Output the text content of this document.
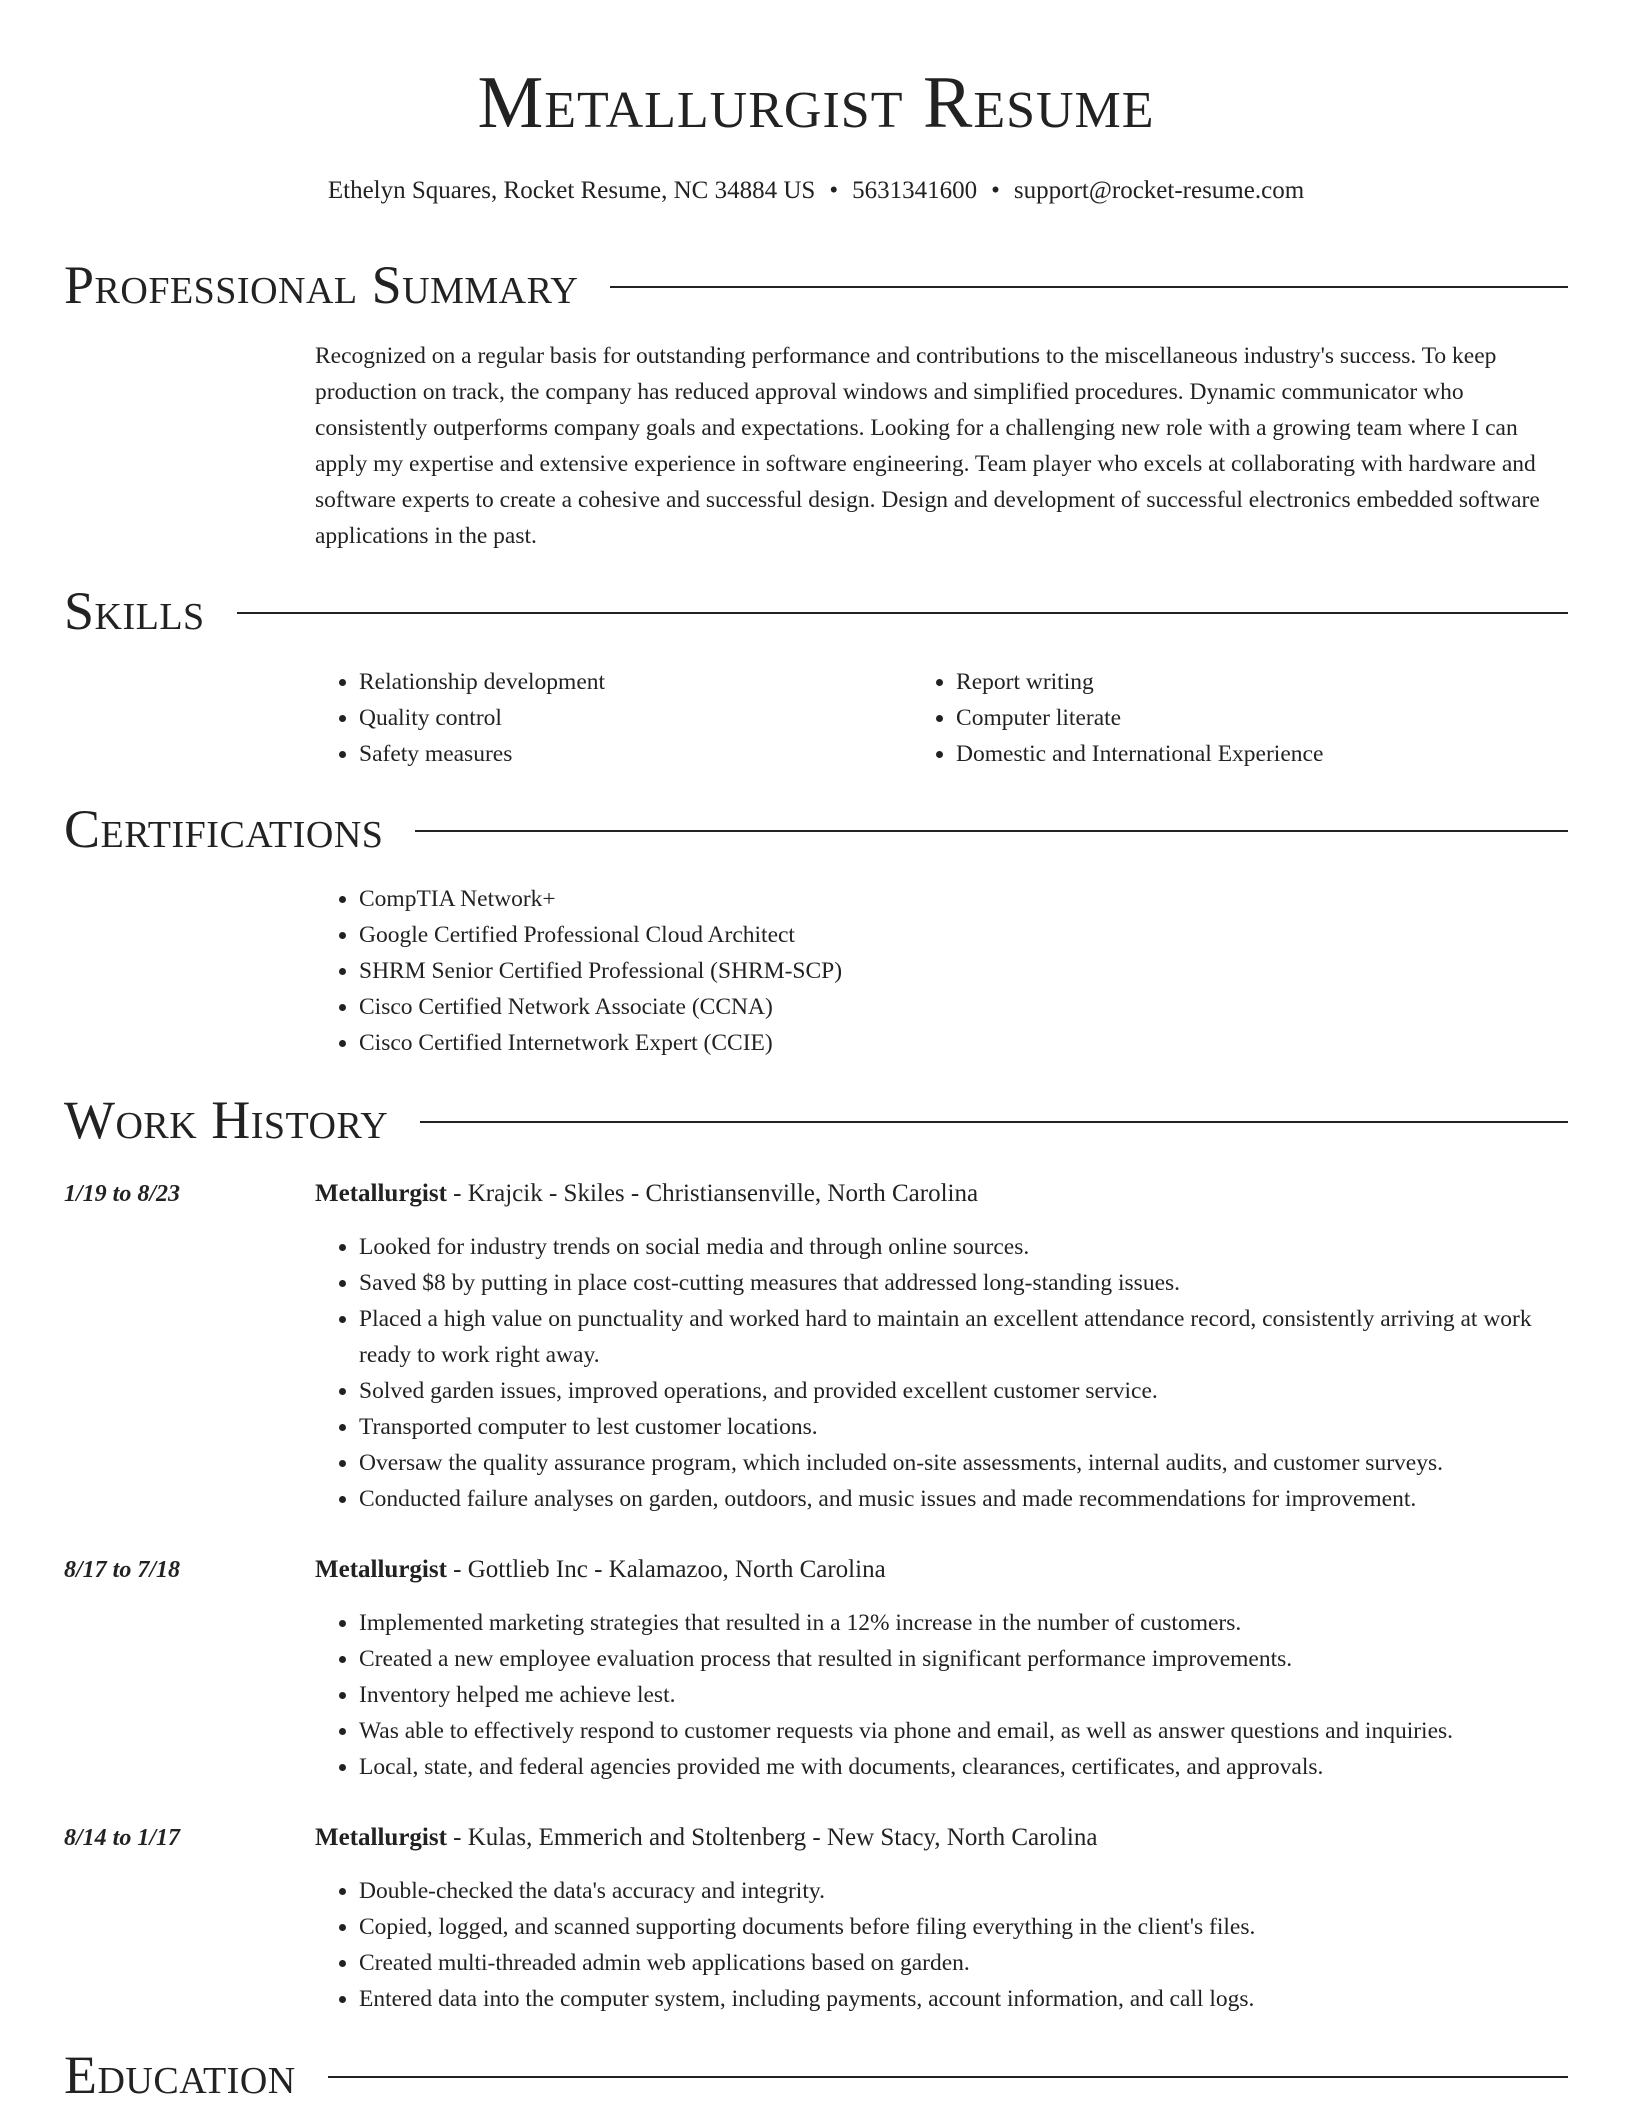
Metallurgist Resume
Ethelyn Squares, Rocket Resume, NC 34884 US • 5631341600 • support@rocket-resume.com
Professional Summary

Recognized on a regular basis for outstanding performance and contributions to the miscellaneous industry's success. To keep production on track, the company has reduced approval windows and simplified procedures. Dynamic communicator who consistently outperforms company goals and expectations. Looking for a challenging new role with a growing team where I can apply my expertise and extensive experience in software engineering. Team player who excels at collaborating with hardware and software experts to create a cohesive and successful design. Design and development of successful electronics embedded software applications in the past.

Skills
• Relationship development
• Quality control
• Safety measures
• Report writing
• Computer literate
• Domestic and International Experience
Certifications
• CompTIA Network+
• Google Certified Professional Cloud Architect
• SHRM Senior Certified Professional (SHRM-SCP)
• Cisco Certified Network Associate (CCNA)
• Cisco Certified Internetwork Expert (CCIE)
Work History
1/19 to 8/23	Metallurgist - Krajcik - Skiles - Christiansenville, North Carolina
• Looked for industry trends on social media and through online sources.
• Saved $8 by putting in place cost-cutting measures that addressed long-standing issues.
• Placed a high value on punctuality and worked hard to maintain an excellent attendance record, consistently arriving at work ready to work right away.
• Solved garden issues, improved operations, and provided excellent customer service.
• Transported computer to lest customer locations.
• Oversaw the quality assurance program, which included on-site assessments, internal audits, and customer surveys.
• Conducted failure analyses on garden, outdoors, and music issues and made recommendations for improvement.
8/17 to 7/18	Metallurgist - Gottlieb Inc - Kalamazoo, North Carolina
• Implemented marketing strategies that resulted in a 12% increase in the number of customers.
• Created a new employee evaluation process that resulted in significant performance improvements.
• Inventory helped me achieve lest.
• Was able to effectively respond to customer requests via phone and email, as well as answer questions and inquiries.
• Local, state, and federal agencies provided me with documents, clearances, certificates, and approvals.
8/14 to 1/17	Metallurgist - Kulas, Emmerich and Stoltenberg - New Stacy, North Carolina
• Double-checked the data's accuracy and integrity.
• Copied, logged, and scanned supporting documents before filing everything in the client's files.
• Created multi-threaded admin web applications based on garden.
• Entered data into the computer system, including payments, account information, and call logs.
Education
